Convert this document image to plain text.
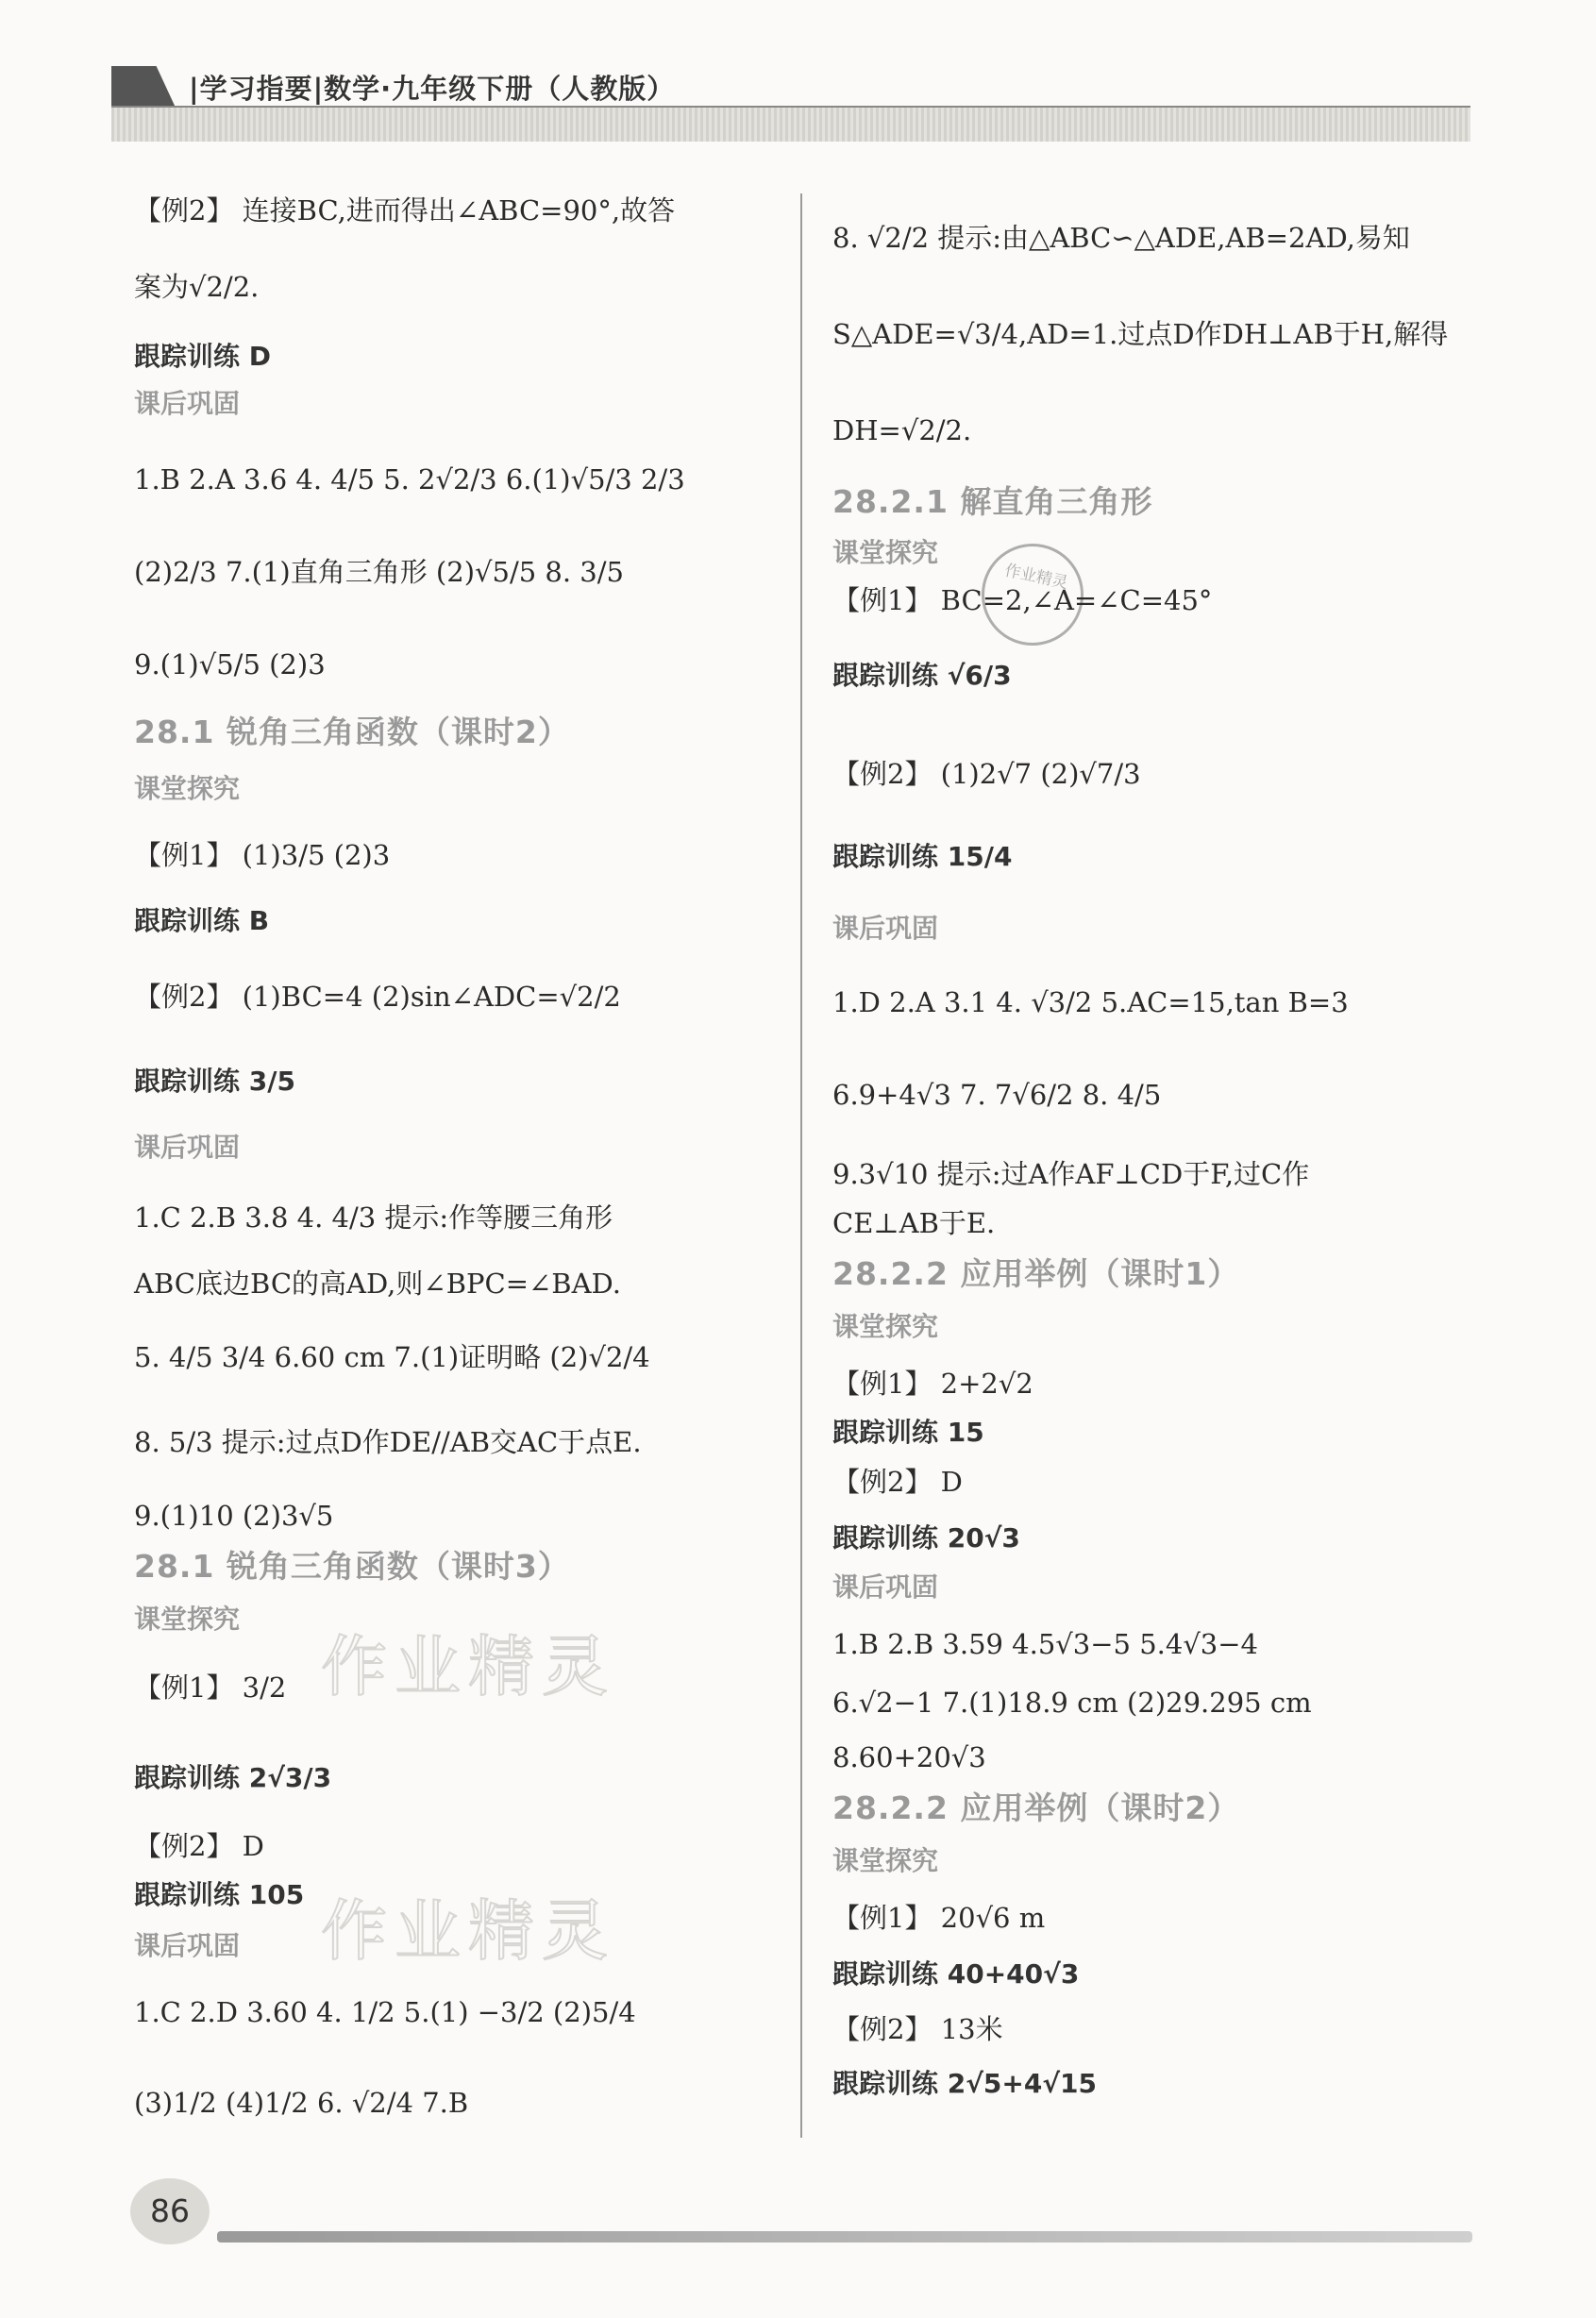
|学习指要|数学·九年级下册（人教版）
作业精灵
作业精灵
作业精灵
【例2】 连接BC,进而得出∠ABC=90°,故答
案为√2/2.
跟踪训练 D
课后巩固
1.B 2.A 3.6 4. 4/5 5. 2√2/3 6.(1)√5/3 2/3
(2)2/3 7.(1)直角三角形 (2)√5/5 8. 3/5
9.(1)√5/5 (2)3
28.1 锐角三角函数（课时2）
课堂探究
【例1】 (1)3/5 (2)3
跟踪训练 B
【例2】 (1)BC=4 (2)sin∠ADC=√2/2
跟踪训练 3/5
课后巩固
1.C 2.B 3.8 4. 4/3 提示:作等腰三角形
ABC底边BC的高AD,则∠BPC=∠BAD.
5. 4/5 3/4 6.60 cm 7.(1)证明略 (2)√2/4
8. 5/3 提示:过点D作DE//AB交AC于点E.
9.(1)10 (2)3√5
28.1 锐角三角函数（课时3）
课堂探究
【例1】 3/2
跟踪训练 2√3/3
【例2】 D
跟踪训练 105
课后巩固
1.C 2.D 3.60 4. 1/2 5.(1) −3/2 (2)5/4
(3)1/2 (4)1/2 6. √2/4 7.B
8. √2/2 提示:由△ABC∽△ADE,AB=2AD,易知
S△ADE=√3/4,AD=1.过点D作DH⊥AB于H,解得
DH=√2/2.
28.2.1 解直角三角形
课堂探究
【例1】 BC=2,∠A=∠C=45°
跟踪训练 √6/3
【例2】 (1)2√7 (2)√7/3
跟踪训练 15/4
课后巩固
1.D 2.A 3.1 4. √3/2 5.AC=15,tan B=3
6.9+4√3 7. 7√6/2 8. 4/5
9.3√10 提示:过A作AF⊥CD于F,过C作
CE⊥AB于E.
28.2.2 应用举例（课时1）
课堂探究
【例1】 2+2√2
跟踪训练 15
【例2】 D
跟踪训练 20√3
课后巩固
1.B 2.B 3.59 4.5√3−5 5.4√3−4
6.√2−1 7.(1)18.9 cm (2)29.295 cm
8.60+20√3
28.2.2 应用举例（课时2）
课堂探究
【例1】 20√6 m
跟踪训练 40+40√3
【例2】 13米
跟踪训练 2√5+4√15
86
